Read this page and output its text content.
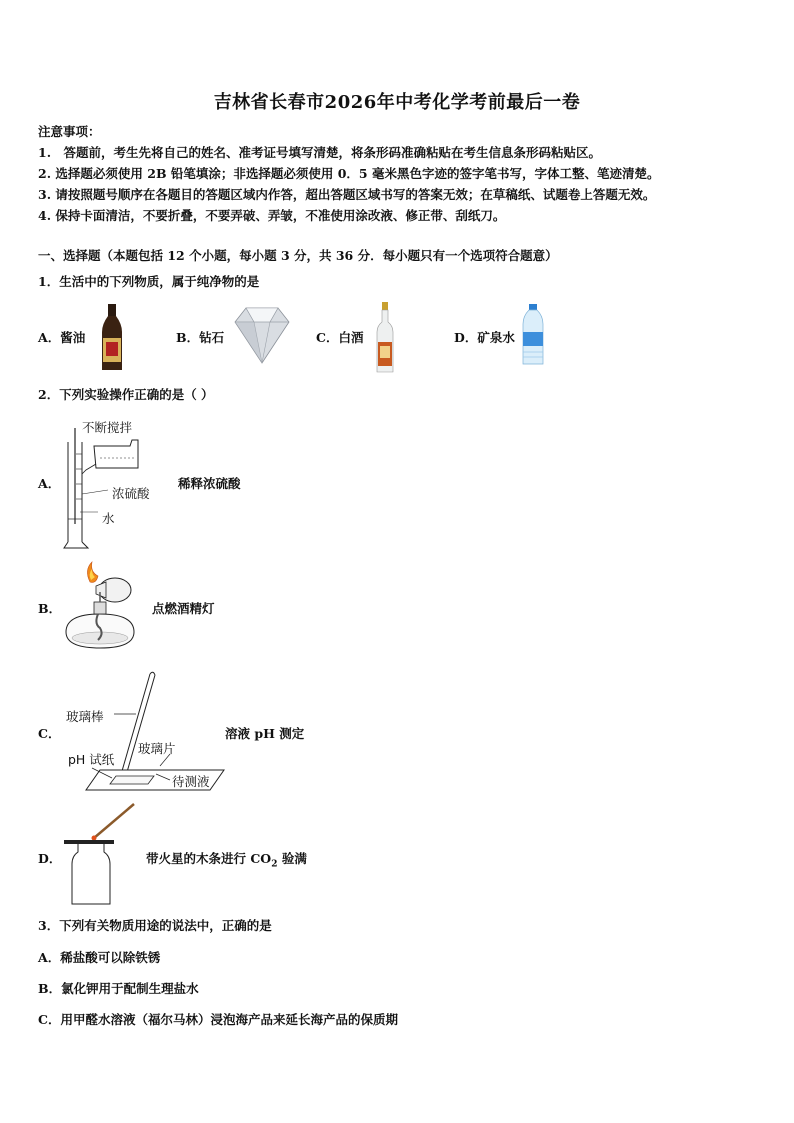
吉林省长春市2026年中考化学考前最后一卷
注意事项：
1.　答题前，考生先将自己的姓名、准考证号填写清楚，将条形码准确粘贴在考生信息条形码粘贴区。
2. 选择题必须使用 2B 铅笔填涂；非选择题必须使用 0．5 毫米黑色字迹的签字笔书写，字体工整、笔迹清楚。
3. 请按照题号顺序在各题目的答题区域内作答，超出答题区域书写的答案无效；在草稿纸、试题卷上答题无效。
4. 保持卡面清洁，不要折叠，不要弄破、弄皱，不准使用涂改液、修正带、刮纸刀。
一、选择题（本题包括 12 个小题，每小题 3 分，共 36 分．每小题只有一个选项符合题意）
1．生活中的下列物质，属于纯净物的是
A．酱油	B．钻石	C．白酒	D．矿泉水
2．下列实验操作正确的是（ ）
A．
不断搅拌
浓硫酸
水
稀释浓硫酸
B．	点燃酒精灯
C．
玻璃棒
玻璃片
pH 试纸
待测液
溶液 pH 测定
D．	带火星的木条进行 $CO_2$ 验满
3．下列有关物质用途的说法中，正确的是
A．稀盐酸可以除铁锈
B．氯化钾用于配制生理盐水
C．用甲醛水溶液（福尔马林）浸泡海产品来延长海产品的保质期
